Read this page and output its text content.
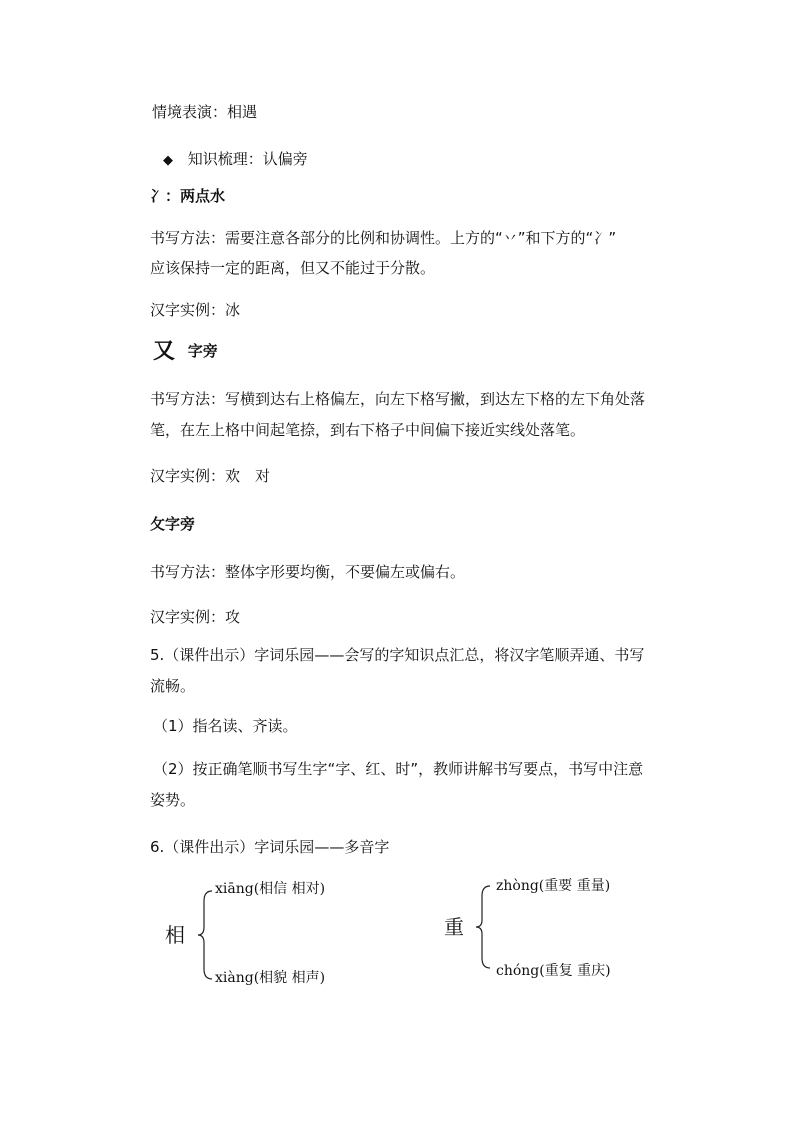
情境表演：相遇
◆ 知识梳理：认偏旁
冫：两点水
书写方法：需要注意各部分的比例和协调性。上方的“丷”和下方的“冫”
应该保持一定的距离，但又不能过于分散。
汉字实例：冰
又 字旁
书写方法：写横到达右上格偏左，向左下格写撇，到达左下格的左下角处落
笔，在左上格中间起笔捺，到右下格子中间偏下接近实线处落笔。
汉字实例：欢　对
攵字旁
书写方法：整体字形要均衡，不要偏左或偏右。
汉字实例：攻
5.（课件出示）字词乐园——会写的字知识点汇总，将汉字笔顺弄通、书写
流畅。
（1）指名读、齐读。
（2）按正确笔顺书写生字“字、红、时”，教师讲解书写要点，书写中注意
姿势。
6.（课件出示）字词乐园——多音字
相
xiāng(相信 相对)
xiàng(相貌 相声)
重
zhòng(重要 重量)
chóng(重复 重庆)
